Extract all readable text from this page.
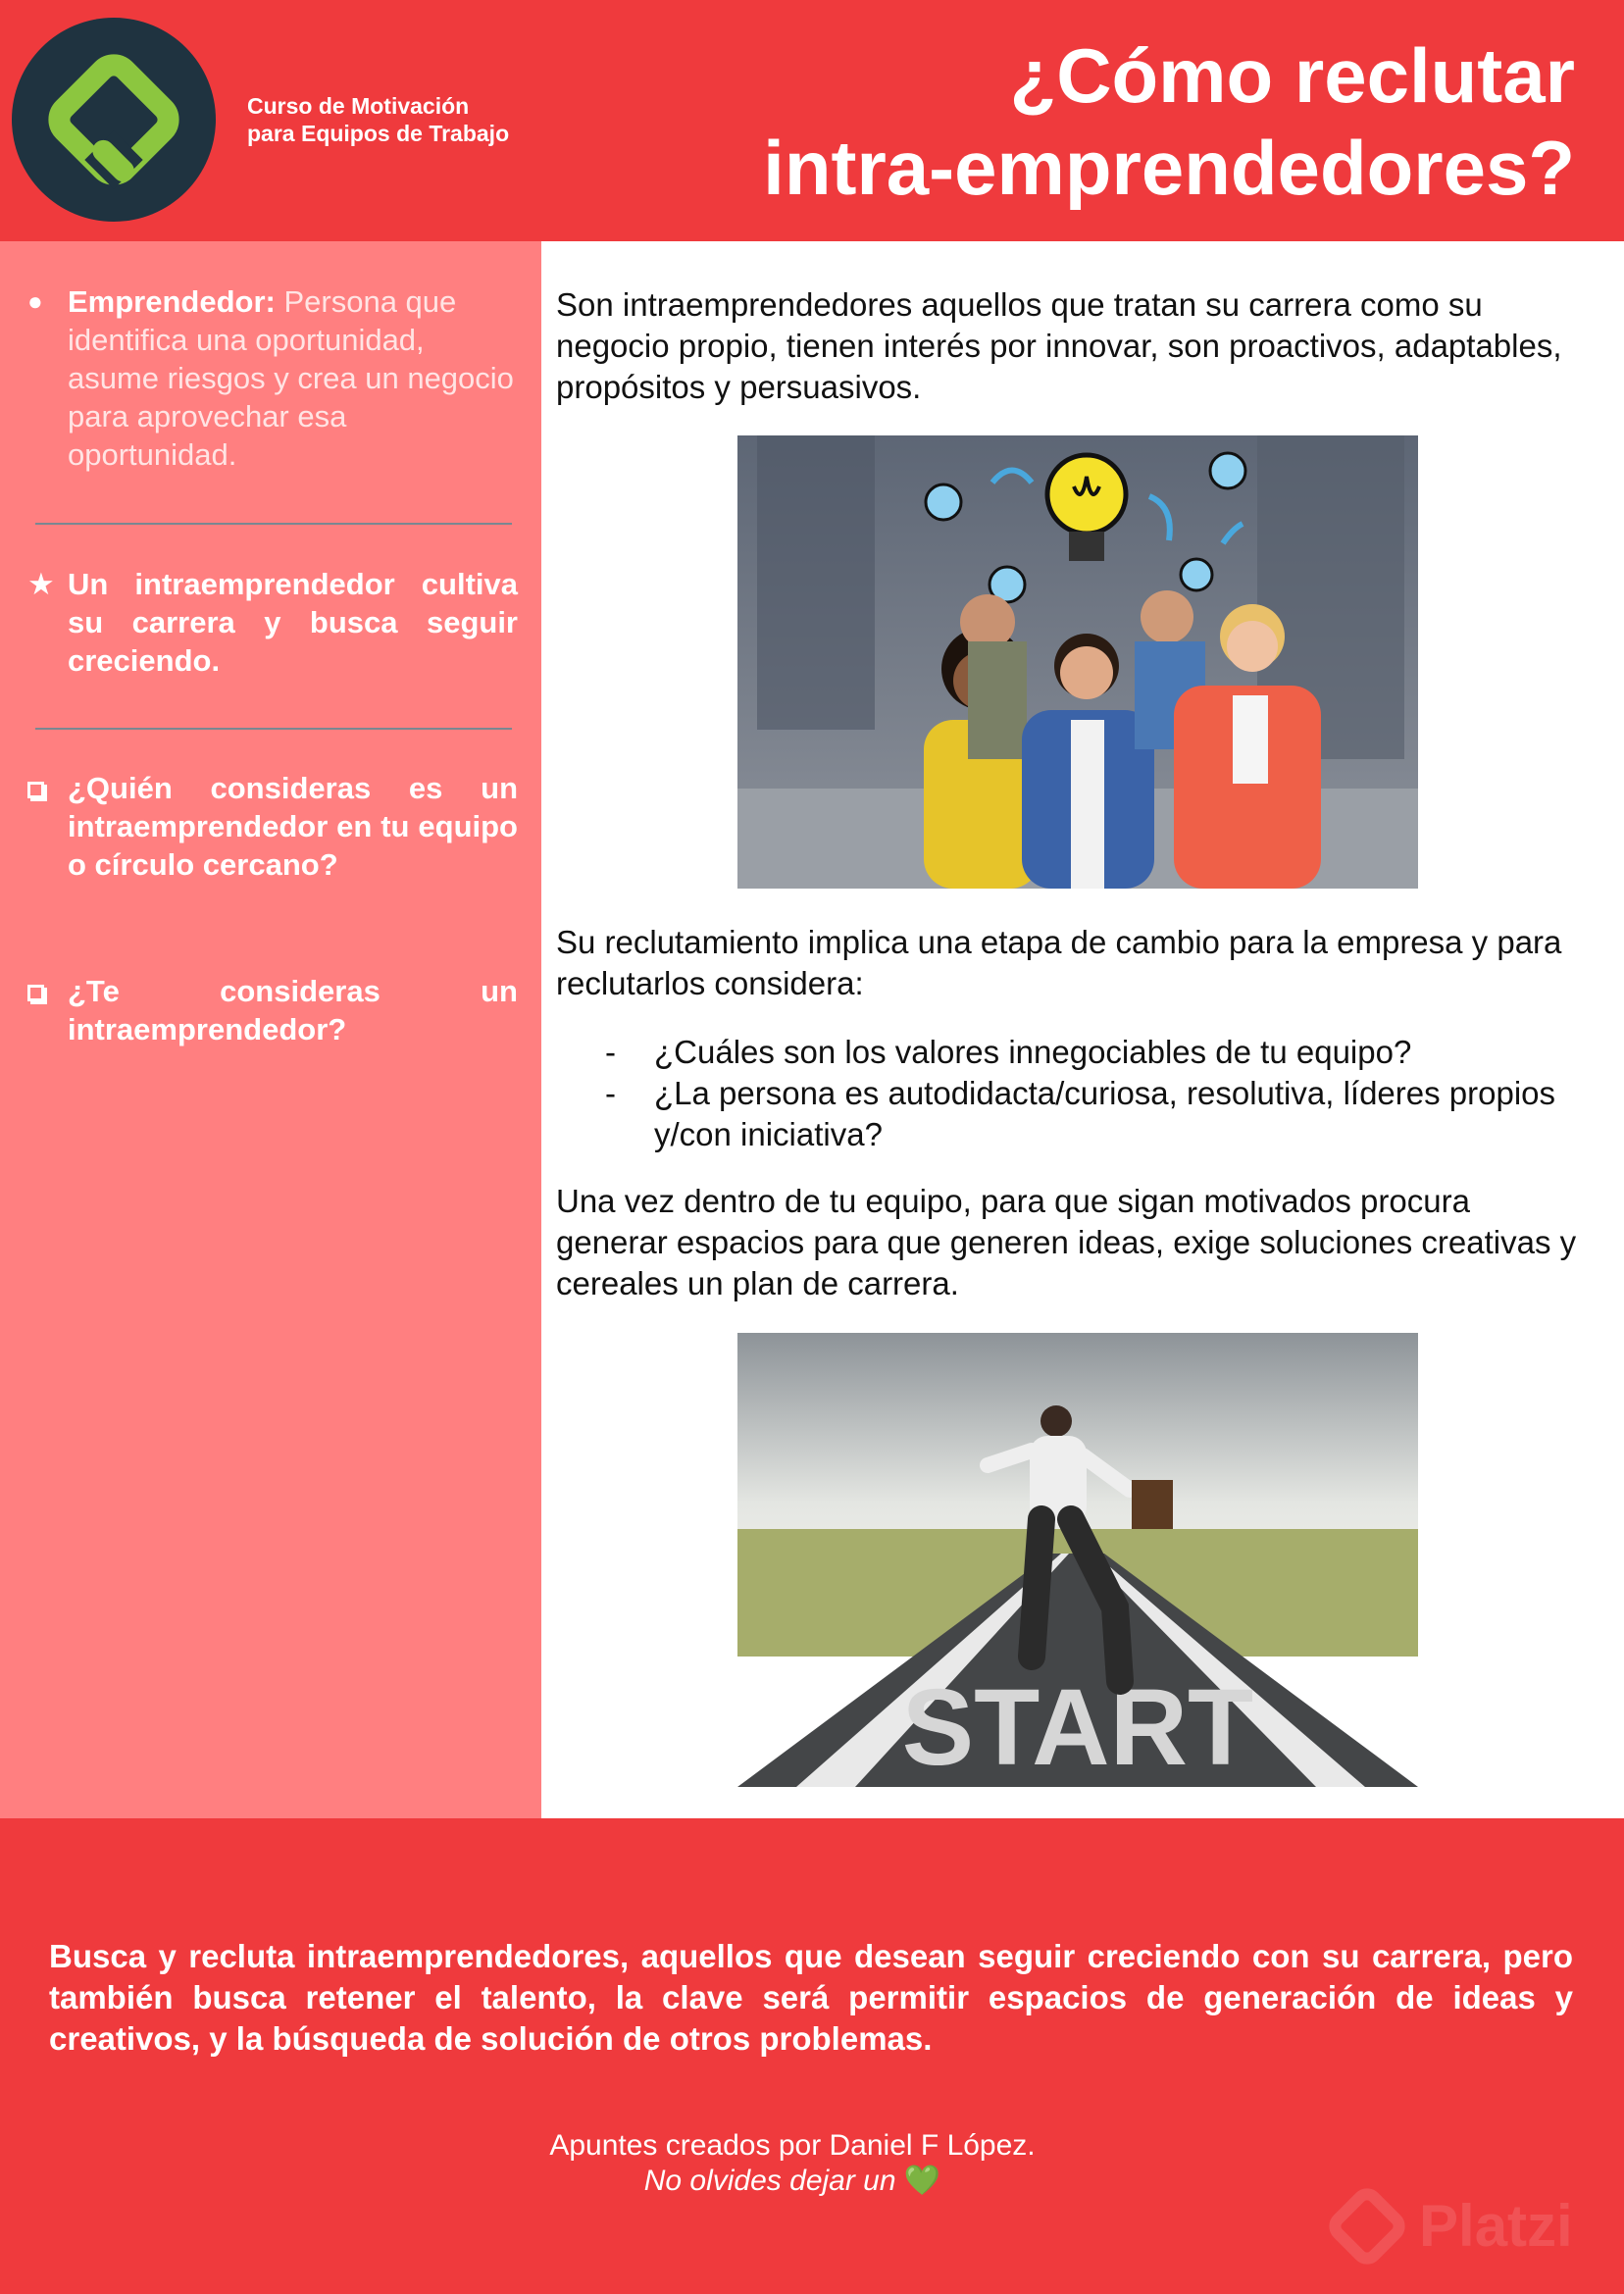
Curso de Motivación
para Equipos de Trabajo
¿Cómo reclutar
intra-emprendedores?
● Emprendedor: Persona que identifica una oportunidad, asume riesgos y crea un negocio para aprovechar esa oportunidad.
★ Un intraemprendedor cultiva su carrera y busca seguir creciendo.
¿Quién consideras es un intraemprendedor en tu equipo o círculo cercano?
¿Te consideras un intraemprendedor?
Son intraemprendedores aquellos que tratan su carrera como su negocio propio, tienen interés por innovar, son proactivos, adaptables, propósitos y persuasivos.
Su reclutamiento implica una etapa de cambio para la empresa y para reclutarlos considera:
- ¿Cuáles son los valores innegociables de tu equipo?
- ¿La persona es autodidacta/curiosa, resolutiva, líderes propios y/con iniciativa?
Una vez dentro de tu equipo, para que sigan motivados procura generar espacios para que generen ideas, exige soluciones creativas y cereales un plan de carrera.
START
Busca y recluta intraemprendedores, aquellos que desean seguir creciendo con su carrera, pero también busca retener el talento, la clave será permitir espacios de generación de ideas y creativos, y la búsqueda de solución de otros problemas.
Apuntes creados por Daniel F López.
No olvides dejar un 💚
Platzi
